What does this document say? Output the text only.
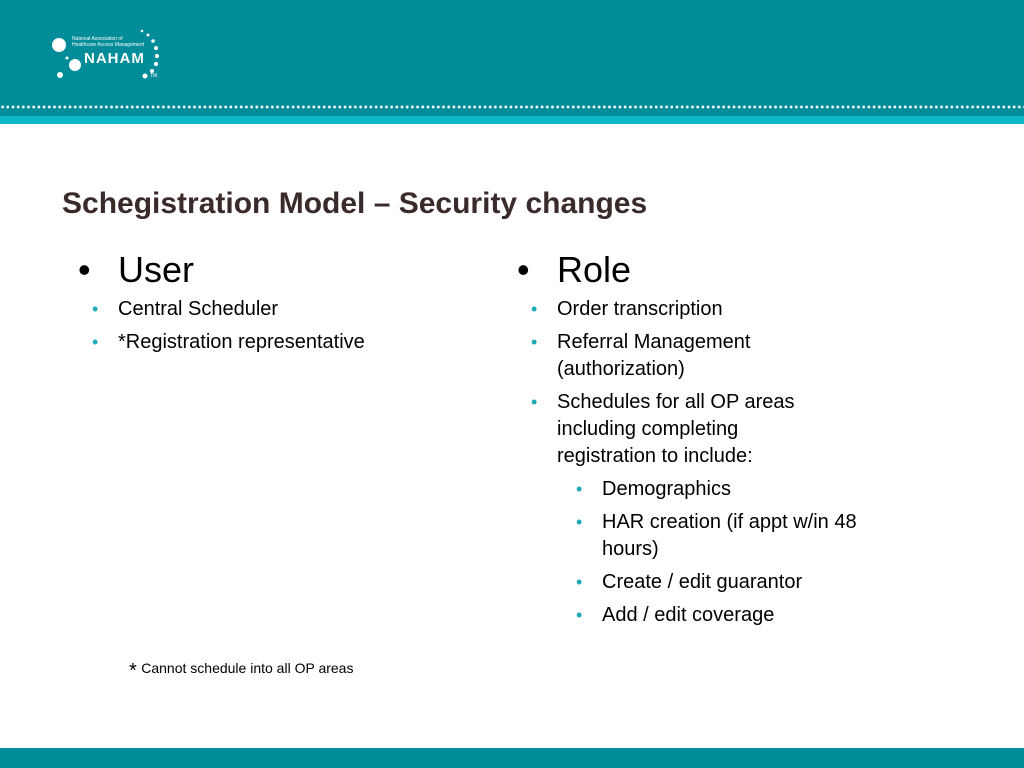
National Association of
Healthcare Access Management
NAHAM
TM
Schegistration Model – Security changes
• User
• Central Scheduler
• *Registration representative
• Role
• Order transcription
• Referral Management (authorization)
• Schedules for all OP areas including completing registration to include:
• Demographics
• HAR creation (if appt w/in 48 hours)
• Create / edit guarantor
• Add / edit coverage
* Cannot schedule into all OP areas
